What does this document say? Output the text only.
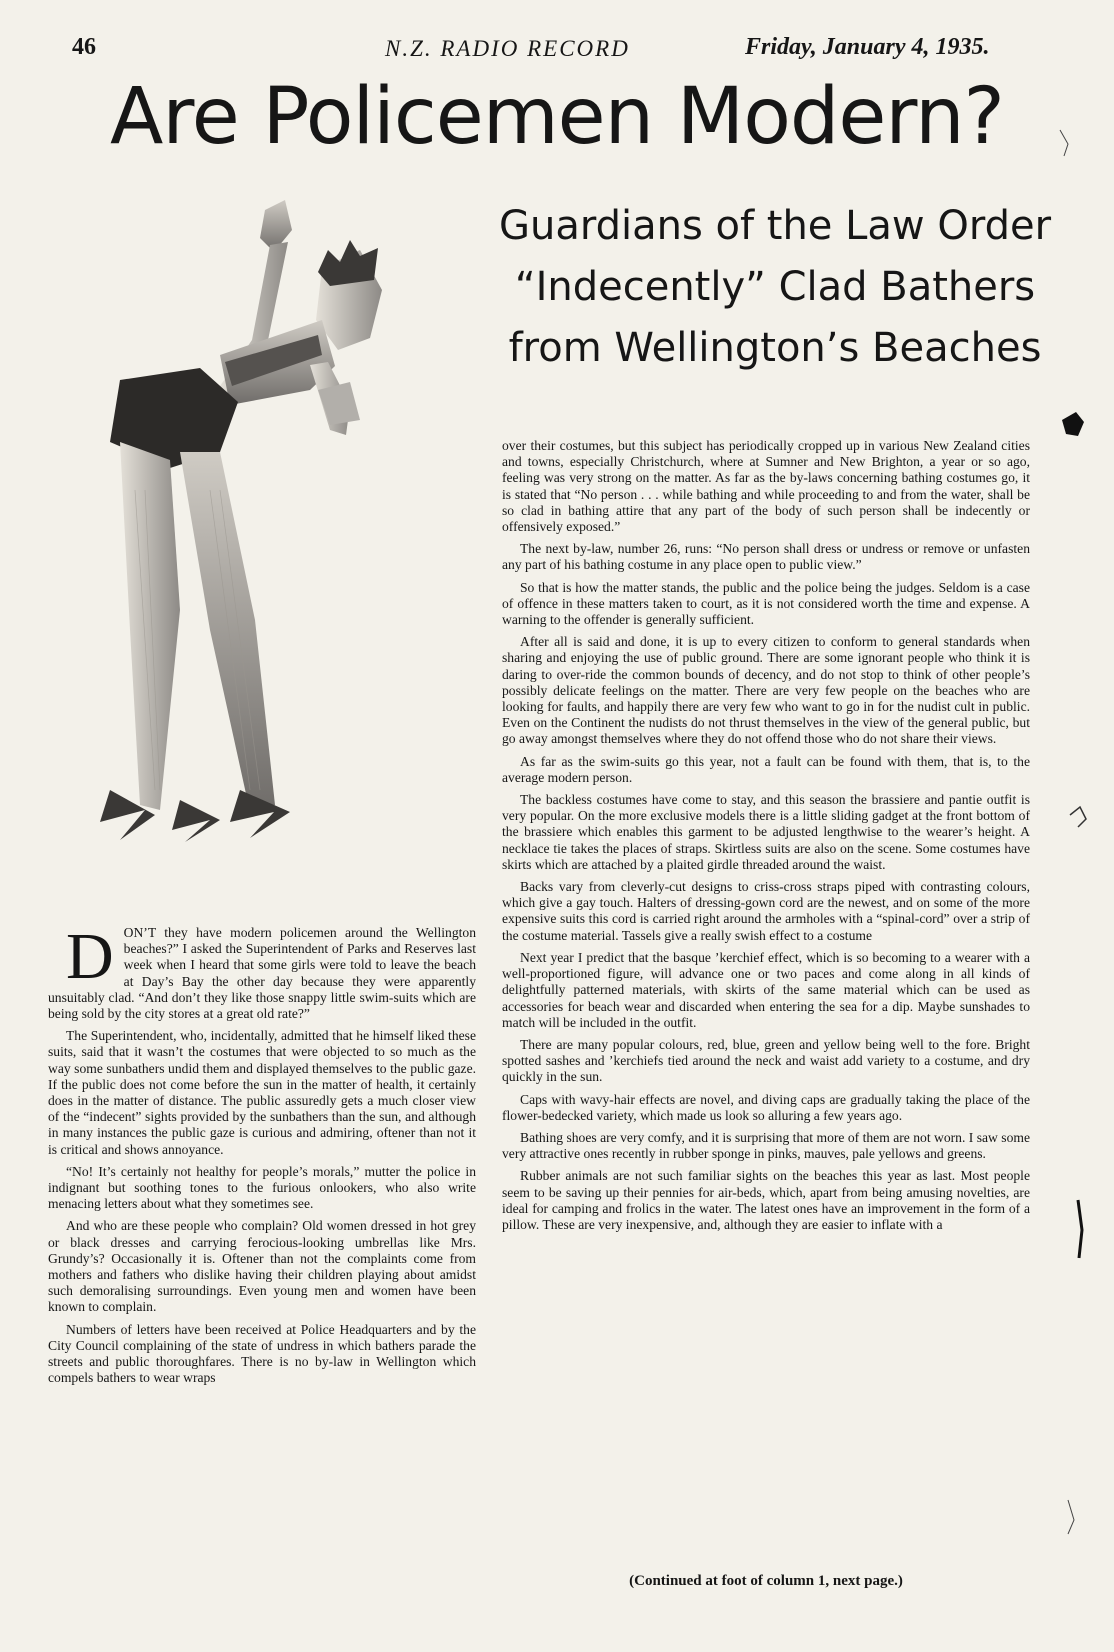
46	N.Z. RADIO RECORD	Friday, January 4, 1935.
Are Policemen Modern?
Guardians of the Law Order “Indecently” Clad Bathers from Wellington’s Beaches

DON’T they have modern policemen around the Wellington beaches?” I asked the Superintendent of Parks and Reserves last week when I heard that some girls were told to leave the beach at Day’s Bay the other day because they were apparently unsuitably clad. “And don’t they like those snappy little swim-suits which are being sold by the city stores at a great old rate?”

The Superintendent, who, incidentally, admitted that he himself liked these suits, said that it wasn’t the costumes that were objected to so much as the way some sunbathers undid them and displayed themselves to the public gaze. If the public does not come before the sun in the matter of health, it certainly does in the matter of distance. The public assuredly gets a much closer view of the “indecent” sights provided by the sunbathers than the sun, and although in many instances the public gaze is curious and admiring, oftener than not it is critical and shows annoyance.

“No! It’s certainly not healthy for people’s morals,” mutter the police in indignant but soothing tones to the furious onlookers, who also write menacing letters about what they sometimes see.

And who are these people who complain? Old women dressed in hot grey or black dresses and carrying ferocious-looking umbrellas like Mrs. Grundy’s? Occasionally it is. Oftener than not the complaints come from mothers and fathers who dislike having their children playing about amidst such demoralising surroundings. Even young men and women have been known to complain.

Numbers of letters have been received at Police Headquarters and by the City Council complaining of the state of undress in which bathers parade the streets and public thoroughfares. There is no by-law in Wellington which compels bathers to wear wraps

over their costumes, but this subject has periodically cropped up in various New Zealand cities and towns, especially Christchurch, where at Sumner and New Brighton, a year or so ago, feeling was very strong on the matter. As far as the by-laws concerning bathing costumes go, it is stated that “No person . . . while bathing and while proceeding to and from the water, shall be so clad in bathing attire that any part of the body of such person shall be indecently or offensively exposed.”

The next by-law, number 26, runs: “No person shall dress or undress or remove or unfasten any part of his bathing costume in any place open to public view.”

So that is how the matter stands, the public and the police being the judges. Seldom is a case of offence in these matters taken to court, as it is not considered worth the time and expense. A warning to the offender is generally sufficient.

After all is said and done, it is up to every citizen to conform to general standards when sharing and enjoying the use of public ground. There are some ignorant people who think it is daring to over-ride the common bounds of decency, and do not stop to think of other people’s possibly delicate feelings on the matter. There are very few people on the beaches who are looking for faults, and happily there are very few who want to go in for the nudist cult in public. Even on the Continent the nudists do not thrust themselves in the view of the general public, but go away amongst themselves where they do not offend those who do not share their views.

As far as the swim-suits go this year, not a fault can be found with them, that is, to the average modern person.

The backless costumes have come to stay, and this season the brassiere and pantie outfit is very popular. On the more exclusive models there is a little sliding gadget at the front bottom of the brassiere which enables this garment to be adjusted lengthwise to the wearer’s height. A necklace tie takes the places of straps. Skirtless suits are also on the scene. Some costumes have skirts which are attached by a plaited girdle threaded around the waist.

Backs vary from cleverly-cut designs to criss-cross straps piped with contrasting colours, which give a gay touch. Halters of dressing-gown cord are the newest, and on some of the more expensive suits this cord is carried right around the armholes with a “spinal-cord” over a strip of the costume material. Tassels give a really swish effect to a costume

Next year I predict that the basque ’kerchief effect, which is so becoming to a wearer with a well-proportioned figure, will advance one or two paces and come along in all kinds of delightfully patterned materials, with skirts of the same material which can be used as accessories for beach wear and discarded when entering the sea for a dip. Maybe sunshades to match will be included in the outfit.

There are many popular colours, red, blue, green and yellow being well to the fore. Bright spotted sashes and ’kerchiefs tied around the neck and waist add variety to a costume, and dry quickly in the sun.

Caps with wavy-hair effects are novel, and diving caps are gradually taking the place of the flower-bedecked variety, which made us look so alluring a few years ago.

Bathing shoes are very comfy, and it is surprising that more of them are not worn. I saw some very attractive ones recently in rubber sponge in pinks, mauves, pale yellows and greens.

Rubber animals are not such familiar sights on the beaches this year as last. Most people seem to be saving up their pennies for air-beds, which, apart from being amusing novelties, are ideal for camping and frolics in the water. The latest ones have an improvement in the form of a pillow. These are very inexpensive, and, although they are easier to inflate with a

(Continued at foot of column 1, next page.)
